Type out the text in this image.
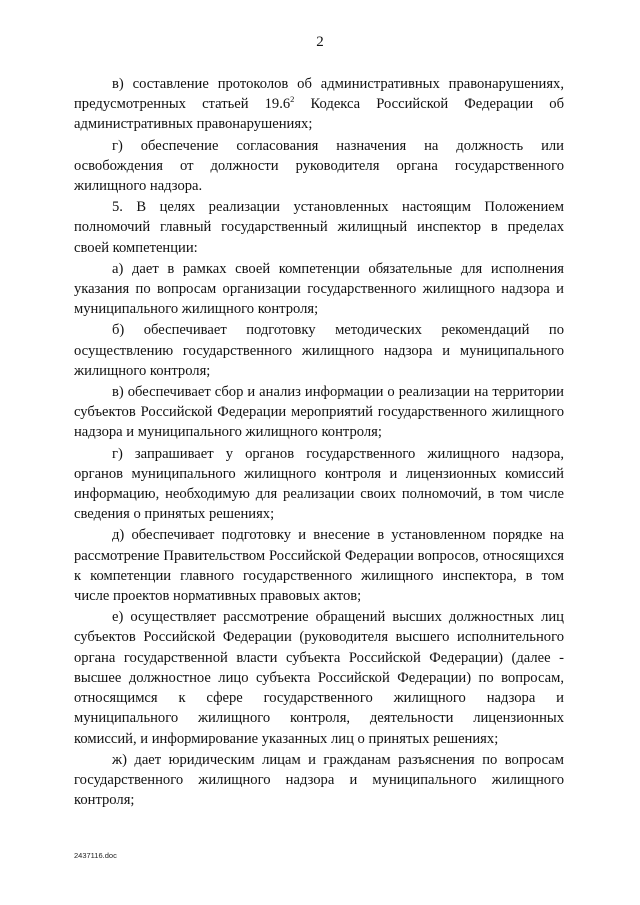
2

в) составление протоколов об административных правонарушениях, предусмотренных статьей 19.6$^2$ Кодекса Российской Федерации об административных правонарушениях;

г) обеспечение согласования назначения на должность или освобождения от должности руководителя органа государственного жилищного надзора.

5. В целях реализации установленных настоящим Положением полномочий главный государственный жилищный инспектор в пределах своей компетенции:

а) дает в рамках своей компетенции обязательные для исполнения указания по вопросам организации государственного жилищного надзора и муниципального жилищного контроля;

б) обеспечивает подготовку методических рекомендаций по осуществлению государственного жилищного надзора и муниципального жилищного контроля;

в) обеспечивает сбор и анализ информации о реализации на территории субъектов Российской Федерации мероприятий государственного жилищного надзора и муниципального жилищного контроля;

г) запрашивает у органов государственного жилищного надзора, органов муниципального жилищного контроля и лицензионных комиссий информацию, необходимую для реализации своих полномочий, в том числе сведения о принятых решениях;

д) обеспечивает подготовку и внесение в установленном порядке на рассмотрение Правительством Российской Федерации вопросов, относящихся к компетенции главного государственного жилищного инспектора, в том числе проектов нормативных правовых актов;

е) осуществляет рассмотрение обращений высших должностных лиц субъектов Российской Федерации (руководителя высшего исполнительного органа государственной власти субъекта Российской Федерации) (далее - высшее должностное лицо субъекта Российской Федерации) по вопросам, относящимся к сфере государственного жилищного надзора и муниципального жилищного контроля, деятельности лицензионных комиссий, и информирование указанных лиц о принятых решениях;

ж) дает юридическим лицам и гражданам разъяснения по вопросам государственного жилищного надзора и муниципального жилищного контроля;

2437116.doc
